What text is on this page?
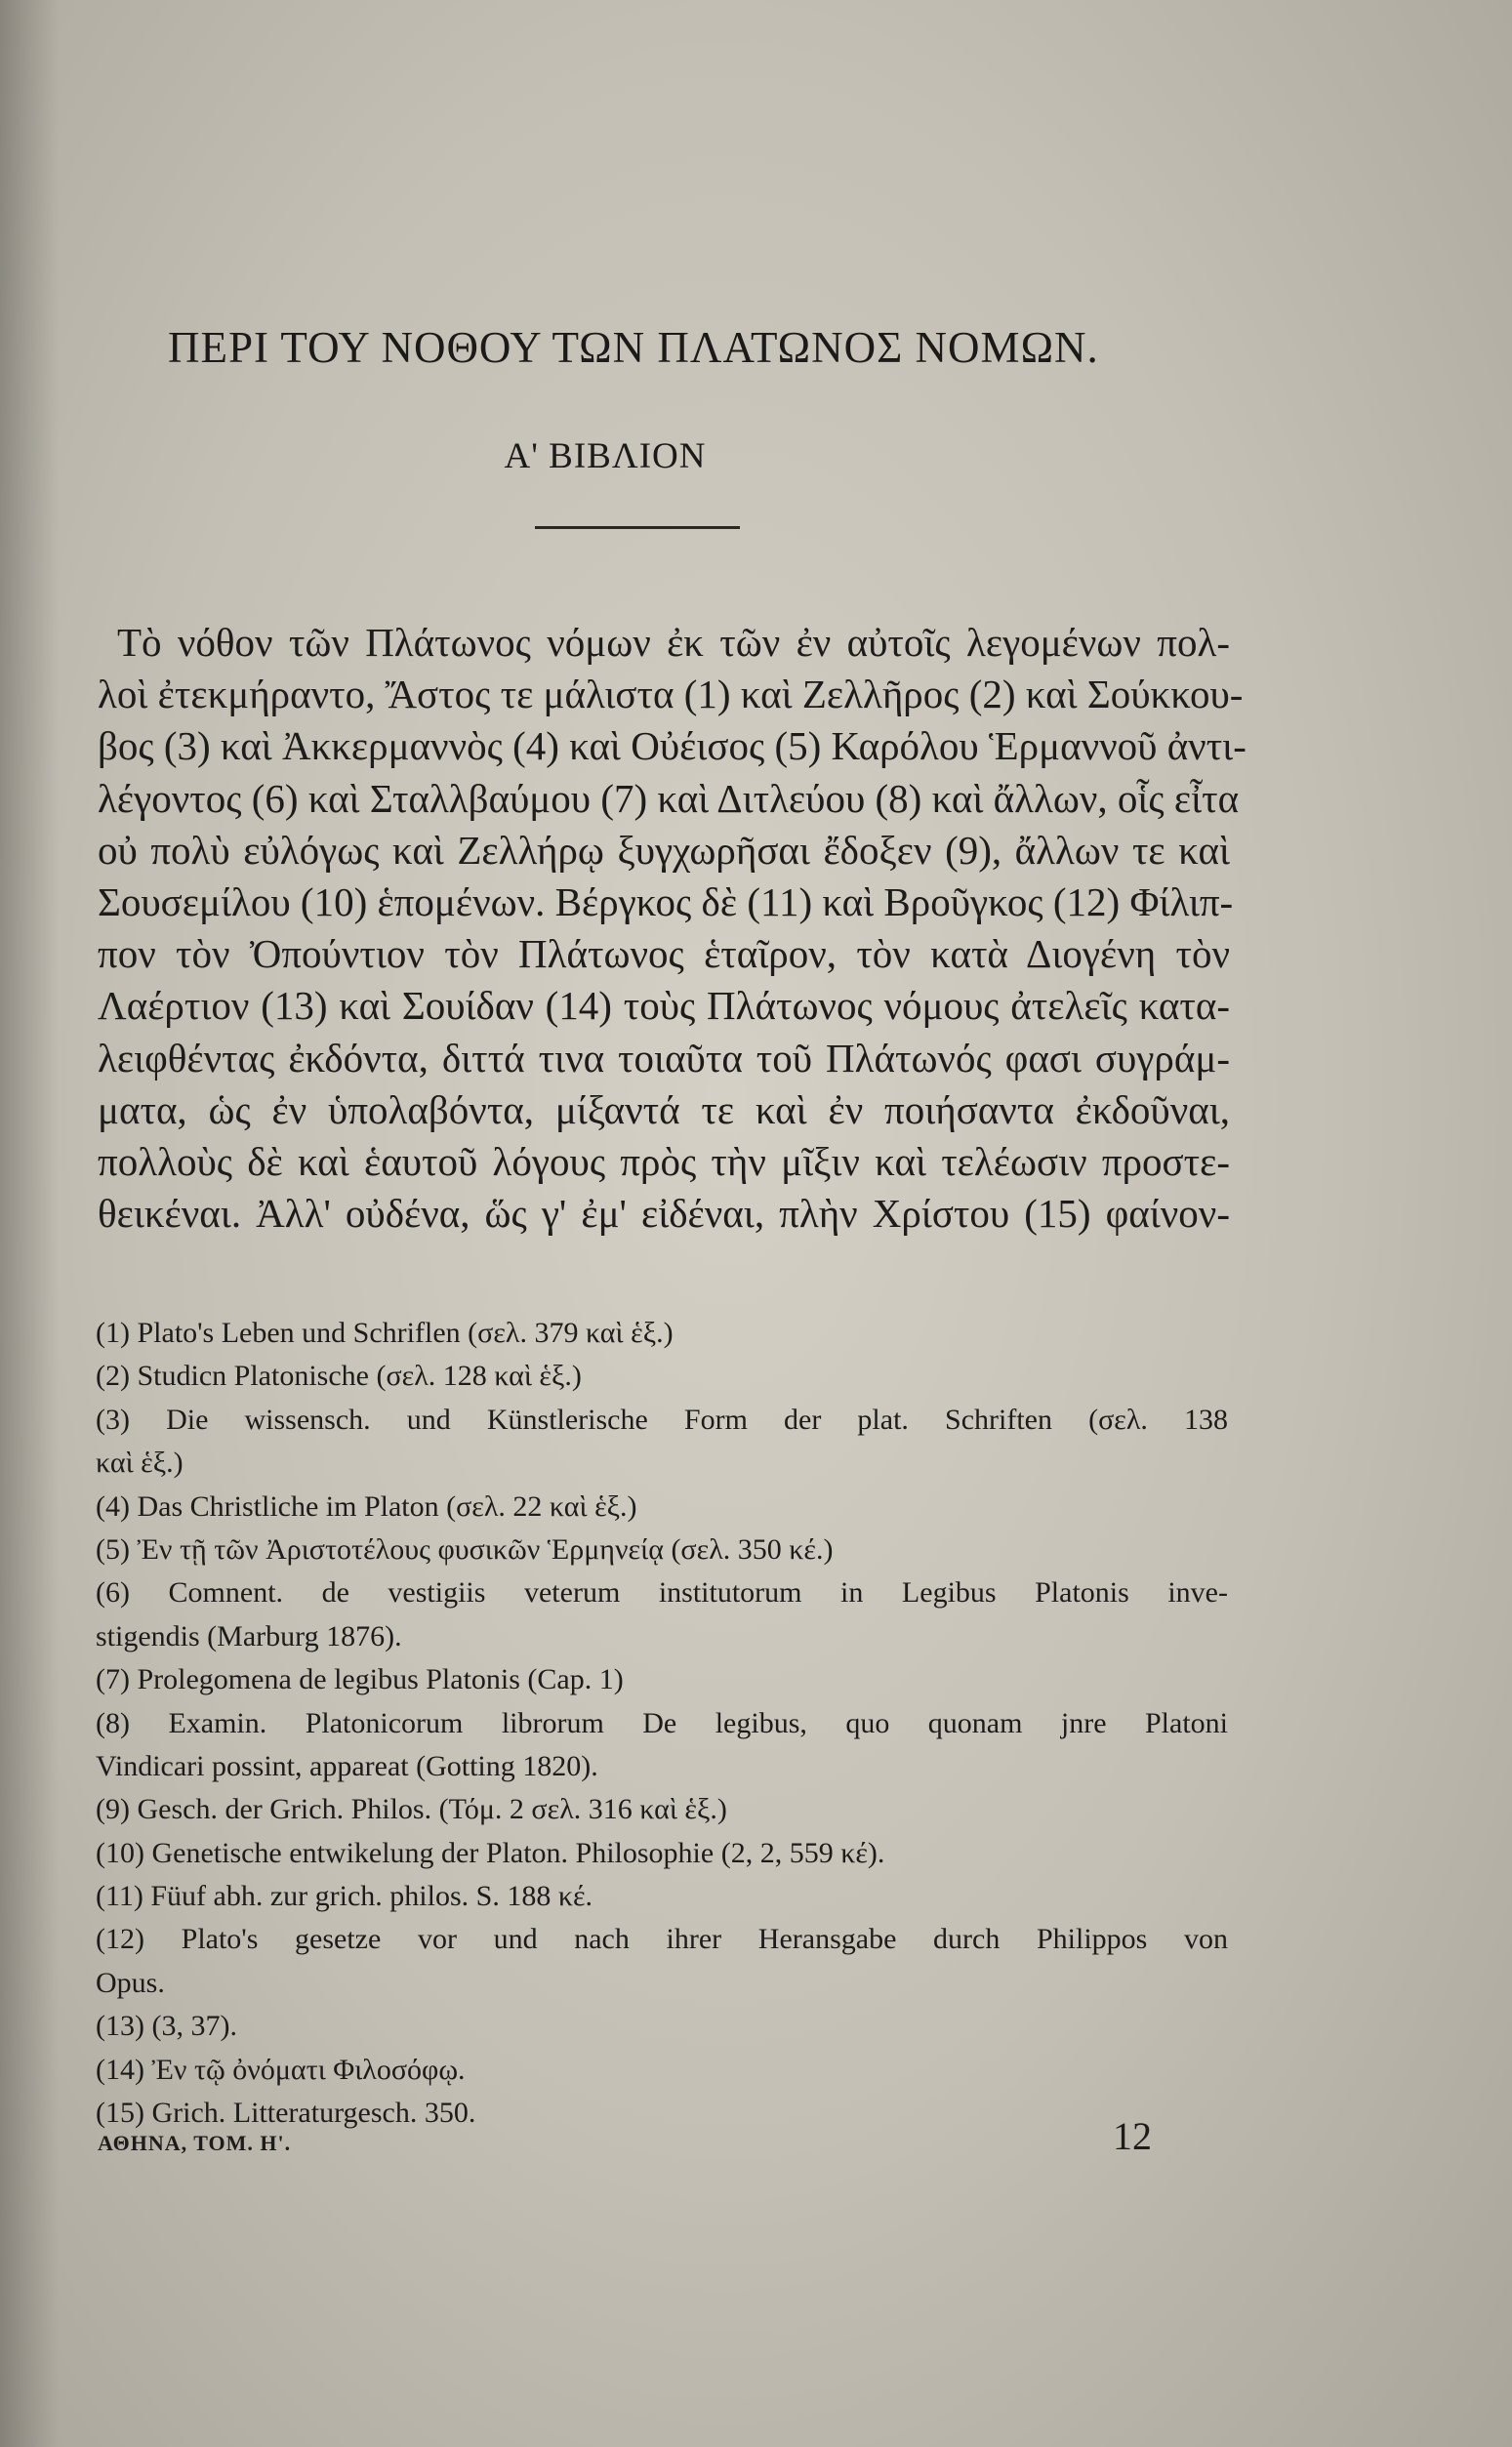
ΠΕΡΙ ΤΟΥ ΝΟΘΟΥ ΤΩΝ ΠΛΑΤΩΝΟΣ ΝΟΜΩΝ.
Α' ΒΙΒΛΙΟΝ
Τὸ νόθον τῶν Πλάτωνος νόμων ἐκ τῶν ἐν αὐτοῖς λεγομένων πολ-
λοὶ ἐτεκμήραντο, Ἄστος τε μάλιστα (1) καὶ Ζελλῆρος (2) καὶ Σούκκου-
βος (3) καὶ Ἀκκερμαννὸς (4) καὶ Οὐέισος (5) Καρόλου Ἑρμαννοῦ ἀντι-
λέγοντος (6) καὶ Σταλλβαύμου (7) καὶ Διτλεύου (8) καὶ ἄλλων, οἷς εἶτα
οὐ πολὺ εὐλόγως καὶ Ζελλήρῳ ξυγχωρῆσαι ἔδοξεν (9), ἄλλων τε καὶ
Σουσεμίλου (10) ἑπομένων. Βέργκος δὲ (11) καὶ Βροῦγκος (12) Φίλιπ-
πον τὸν Ὀπούντιον τὸν Πλάτωνος ἑταῖρον, τὸν κατὰ Διογένη τὸν
Λαέρτιον (13) καὶ Σουίδαν (14) τοὺς Πλάτωνος νόμους ἀτελεῖς κατα-
λειφθέντας ἐκδόντα, διττά τινα τοιαῦτα τοῦ Πλάτωνός φασι συγράμ-
ματα, ὡς ἐν ὑπολαβόντα, μίξαντά τε καὶ ἐν ποιήσαντα ἐκδοῦναι,
πολλοὺς δὲ καὶ ἑαυτοῦ λόγους πρὸς τὴν μῖξιν καὶ τελέωσιν προστε-
θεικέναι. Ἀλλ' οὐδένα, ὥς γ' ἐμ' εἰδέναι, πλὴν Χρίστου (15) φαίνον-
(1) Plato's Leben und Schriflen (σελ. 379 καὶ ἑξ.)
(2) Studicn Platonische (σελ. 128 καὶ ἑξ.)
(3) Die wissensch. und Künstlerische Form der plat. Schriften (σελ. 138
καὶ ἑξ.)
(4) Das Christliche im Platon (σελ. 22 καὶ ἑξ.)
(5) Ἐν τῇ τῶν Ἀριστοτέλους φυσικῶν Ἑρμηνείᾳ (σελ. 350 κέ.)
(6) Comnent. de vestigiis veterum institutorum in Legibus Platonis inve-
stigendis (Marburg 1876).
(7) Prolegomena de legibus Platonis (Cap. 1)
(8) Examin. Platonicorum librorum De legibus, quo quonam jnre Platoni
Vindicari possint, appareat (Gotting 1820).
(9) Gesch. der Grich. Philos. (Τόμ. 2 σελ. 316 καὶ ἑξ.)
(10) Genetische entwikelung der Platon. Philosophie (2, 2, 559 κέ).
(11) Füuf abh. zur grich. philos. S. 188 κέ.
(12) Plato's gesetze vor und nach ihrer Heransgabe durch Philippos von
Opus.
(13) (3, 37).
(14) Ἐν τῷ ὀνόματι Φιλοσόφῳ.
(15) Grich. Litteraturgesch. 350.
ΑΘΗΝΑ, ΤΟΜ. Η'.	12
